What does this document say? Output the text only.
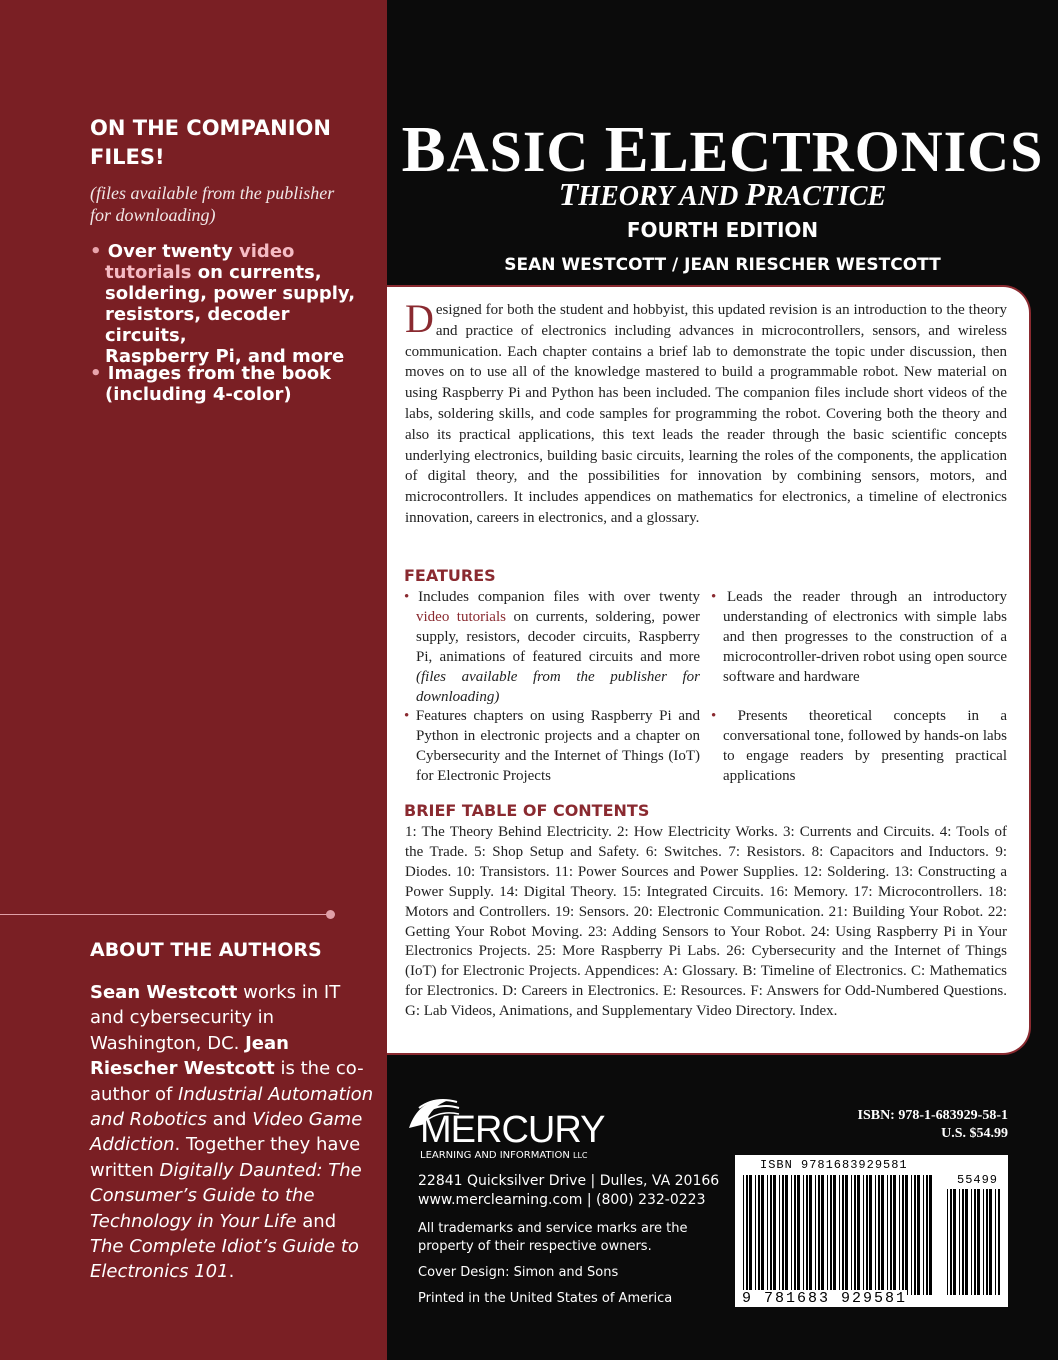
ON THE COMPANION
FILES!
(files available from the publisher
for downloading)
• Over twenty video
tutorials on currents,
soldering, power supply,
resistors, decoder circuits,
Raspberry Pi, and more
• Images from the book
(including 4-color)
ABOUT THE AUTHORS
Sean Westcott works in IT and cybersecurity in Washington, DC. Jean Riescher Westcott is the co-author of Industrial Automation and Robotics and Video Game Addiction. Together they have written Digitally Daunted: The Consumer’s Guide to the Technology in Your Life and The Complete Idiot’s Guide to Electronics 101.
BASIC ELECTRONICS
THEORY AND PRACTICE
FOURTH EDITION
SEAN WESTCOTT / JEAN RIESCHER WESTCOTT
Designed for both the student and hobbyist, this updated revision is an introduction to the theory and practice of electronics including advances in microcontrollers, sensors, and wireless communication. Each chapter contains a brief lab to demonstrate the topic under discussion, then moves on to use all of the knowledge mastered to build a programmable robot. New material on using Raspberry Pi and Python has been included. The companion files include short videos of the labs, soldering skills, and code samples for programming the robot. Covering both the theory and also its practical applications, this text leads the reader through the basic scientific concepts underlying electronics, building basic circuits, learning the roles of the components, the application of digital theory, and the possibilities for innovation by combining sensors, motors, and microcontrollers. It includes appendices on mathematics for electronics, a timeline of electronics innovation, careers in electronics, and a glossary.
FEATURES
• Includes companion files with over twenty video tutorials on currents, soldering, power supply, resistors, decoder circuits, Raspberry Pi, animations of featured circuits and more (files available from the publisher for downloading)
• Features chapters on using Raspberry Pi and Python in electronic projects and a chapter on Cybersecurity and the Internet of Things (IoT) for Electronic Projects
• Leads the reader through an introductory understanding of electronics with simple labs and then progresses to the construction of a microcontroller-driven robot using open source software and hardware
• Presents theoretical concepts in a conversational tone, followed by hands-on labs to engage readers by presenting practical applications
BRIEF TABLE OF CONTENTS
1: The Theory Behind Electricity. 2: How Electricity Works. 3: Currents and Circuits. 4: Tools of the Trade. 5: Shop Setup and Safety. 6: Switches. 7: Resistors. 8: Capacitors and Inductors. 9: Diodes. 10: Transistors. 11: Power Sources and Power Supplies. 12: Soldering. 13: Constructing a Power Supply. 14: Digital Theory. 15: Integrated Circuits. 16: Memory. 17: Microcontrollers. 18: Motors and Controllers. 19: Sensors. 20: Electronic Communication. 21: Building Your Robot. 22: Getting Your Robot Moving. 23: Adding Sensors to Your Robot. 24: Using Raspberry Pi in Your Electronics Projects. 25: More Raspberry Pi Labs. 26: Cybersecurity and the Internet of Things (IoT) for Electronic Projects. Appendices: A: Glossary. B: Timeline of Electronics. C: Mathematics for Electronics. D: Careers in Electronics. E: Resources. F: Answers for Odd-Numbered Questions. G: Lab Videos, Animations, and Supplementary Video Directory. Index.
MERCURY
LEARNING AND INFORMATION LLC
22841 Quicksilver Drive | Dulles, VA 20166
www.merclearning.com | (800) 232-0223
All trademarks and service marks are the
property of their respective owners.
Cover Design: Simon and Sons
Printed in the United States of America
ISBN: 978-1-683929-58-1
U.S. $54.99
ISBN 9781683929581
55499
9 781683 929581
